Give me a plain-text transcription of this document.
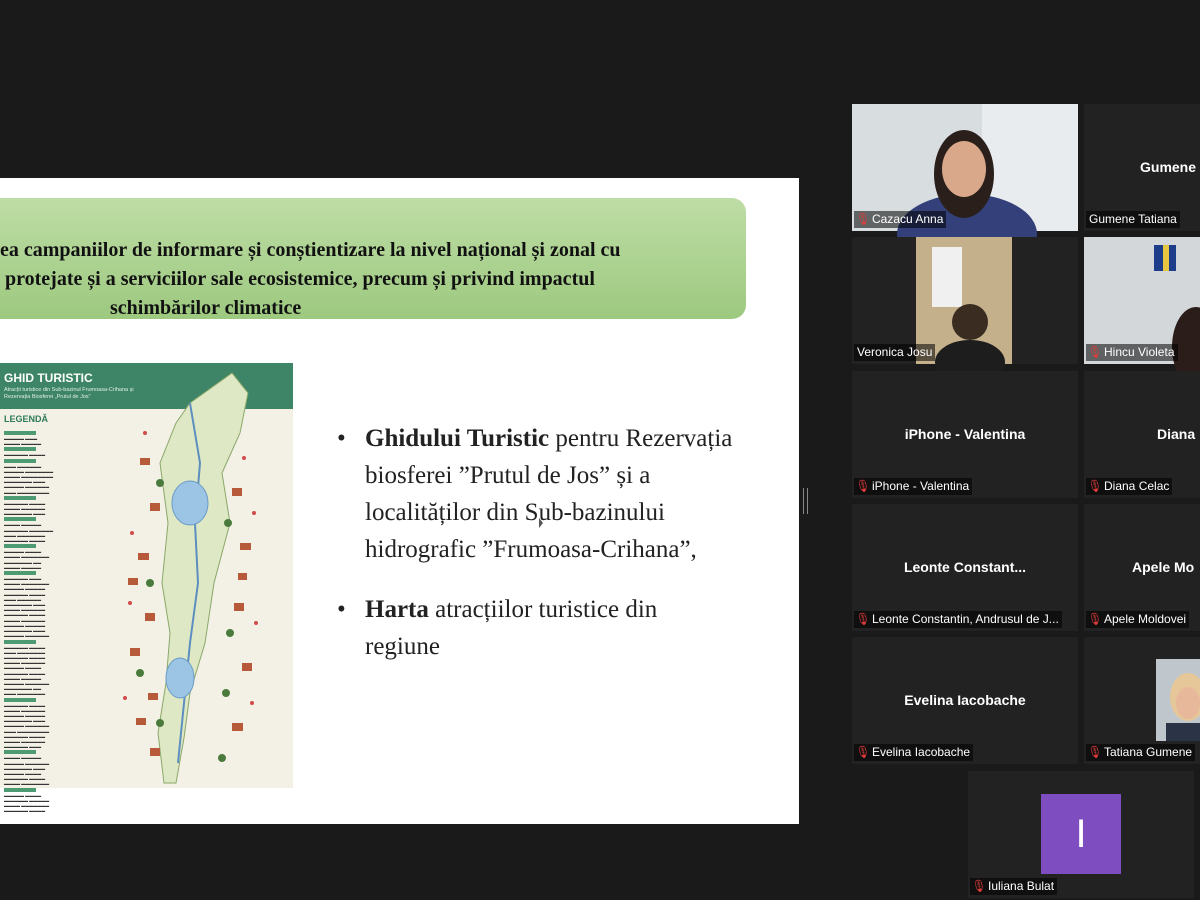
ea campaniilor de informare și conștientizare la nivel național și zonal cu
protejate și a serviciilor sale ecosistemice, precum și privind impactul
schimbărilor climatice
GHID TURISTIC
Atracții turistice din Sub-bazinul Frumoasa-Crihana și Rezervația Biosferei „Prutul de Jos”
LEGENDĂ
▬▬▬▬▬ ▬▬▬
▬▬▬▬ ▬▬▬▬▬
▬▬▬▬▬▬ ▬▬▬▬
▬▬▬ ▬▬▬▬▬▬
▬▬▬▬▬ ▬▬▬▬▬▬▬
▬▬▬▬ ▬▬▬▬▬▬▬▬
▬▬▬▬▬▬▬ ▬▬▬
▬▬▬▬▬ ▬▬▬▬▬▬
▬▬▬ ▬▬▬▬▬▬▬▬
▬▬▬▬▬▬ ▬▬▬▬
▬▬▬▬ ▬▬▬▬▬▬
▬▬▬▬▬▬▬ ▬▬▬
▬▬▬▬ ▬▬▬▬▬
▬▬▬▬▬▬ ▬▬▬▬▬▬
▬▬▬ ▬▬▬▬▬▬▬
▬▬▬▬▬▬ ▬▬▬▬
▬▬▬▬▬ ▬▬▬▬
▬▬▬▬ ▬▬▬▬▬▬▬
▬▬▬▬▬▬▬ ▬▬
▬▬▬▬ ▬▬▬▬▬
▬▬▬▬▬▬ ▬▬▬
▬▬▬▬ ▬▬▬▬▬▬▬
▬▬▬▬▬ ▬▬▬▬▬
▬▬▬▬▬▬ ▬▬▬▬
▬▬▬ ▬▬▬▬▬▬
▬▬▬▬▬▬▬ ▬▬▬
▬▬▬▬ ▬▬▬▬▬▬
▬▬▬▬▬▬ ▬▬▬▬
▬▬▬▬ ▬▬▬▬▬▬
▬▬▬▬▬ ▬▬▬▬▬
▬▬▬▬▬▬▬ ▬▬▬
▬▬▬▬▬ ▬▬▬▬▬▬
▬▬▬▬▬▬ ▬▬▬▬
▬▬▬ ▬▬▬▬▬▬▬
▬▬▬▬▬▬ ▬▬▬▬
▬▬▬▬ ▬▬▬▬▬▬
▬▬▬▬▬ ▬▬▬▬
▬▬▬▬▬▬ ▬▬▬▬
▬▬▬▬ ▬▬▬▬▬
▬▬▬▬▬ ▬▬▬▬▬▬
▬▬▬▬▬▬▬ ▬▬
▬▬▬ ▬▬▬▬▬▬▬
▬▬▬▬▬▬ ▬▬▬▬
▬▬▬▬ ▬▬▬▬▬▬
▬▬▬▬▬ ▬▬▬▬▬
▬▬▬▬▬▬▬ ▬▬▬
▬▬▬▬▬ ▬▬▬▬▬▬
▬▬▬ ▬▬▬▬▬▬▬▬
▬▬▬▬▬▬ ▬▬▬▬
▬▬▬▬ ▬▬▬▬▬▬
▬▬▬▬▬▬ ▬▬▬
▬▬▬▬ ▬▬▬▬▬
▬▬▬▬▬ ▬▬▬▬▬▬
▬▬▬▬▬▬▬ ▬▬▬
▬▬▬▬▬ ▬▬▬▬
▬▬▬▬▬▬ ▬▬▬▬
▬▬▬▬ ▬▬▬▬▬▬▬
▬▬▬▬▬ ▬▬▬▬
▬▬▬▬▬▬ ▬▬▬▬▬
▬▬▬▬ ▬▬▬▬▬▬▬
▬▬▬▬▬▬ ▬▬▬▬
• Ghidului Turistic pentru Rezervația biosferei ”Prutul de Jos” și a localităților din Sub-bazinului hidrografic ”Frumoasa-Crihana”,
• Harta atracțiilor turistice din regiune
🎙Cazacu Anna
Gumene
Gumene Tatiana
Veronica Josu	🎙Hincu Violeta
iPhone - Valentina
🎙iPhone - Valentina
Diana
🎙Diana Celac
Leonte Constant...
🎙Leonte Constantin, Andrusul de J...
Apele Mo
🎙Apele Moldovei
Evelina Iacobache
🎙Evelina Iacobache	🎙Tatiana Gumene
I
🎙Iuliana Bulat
